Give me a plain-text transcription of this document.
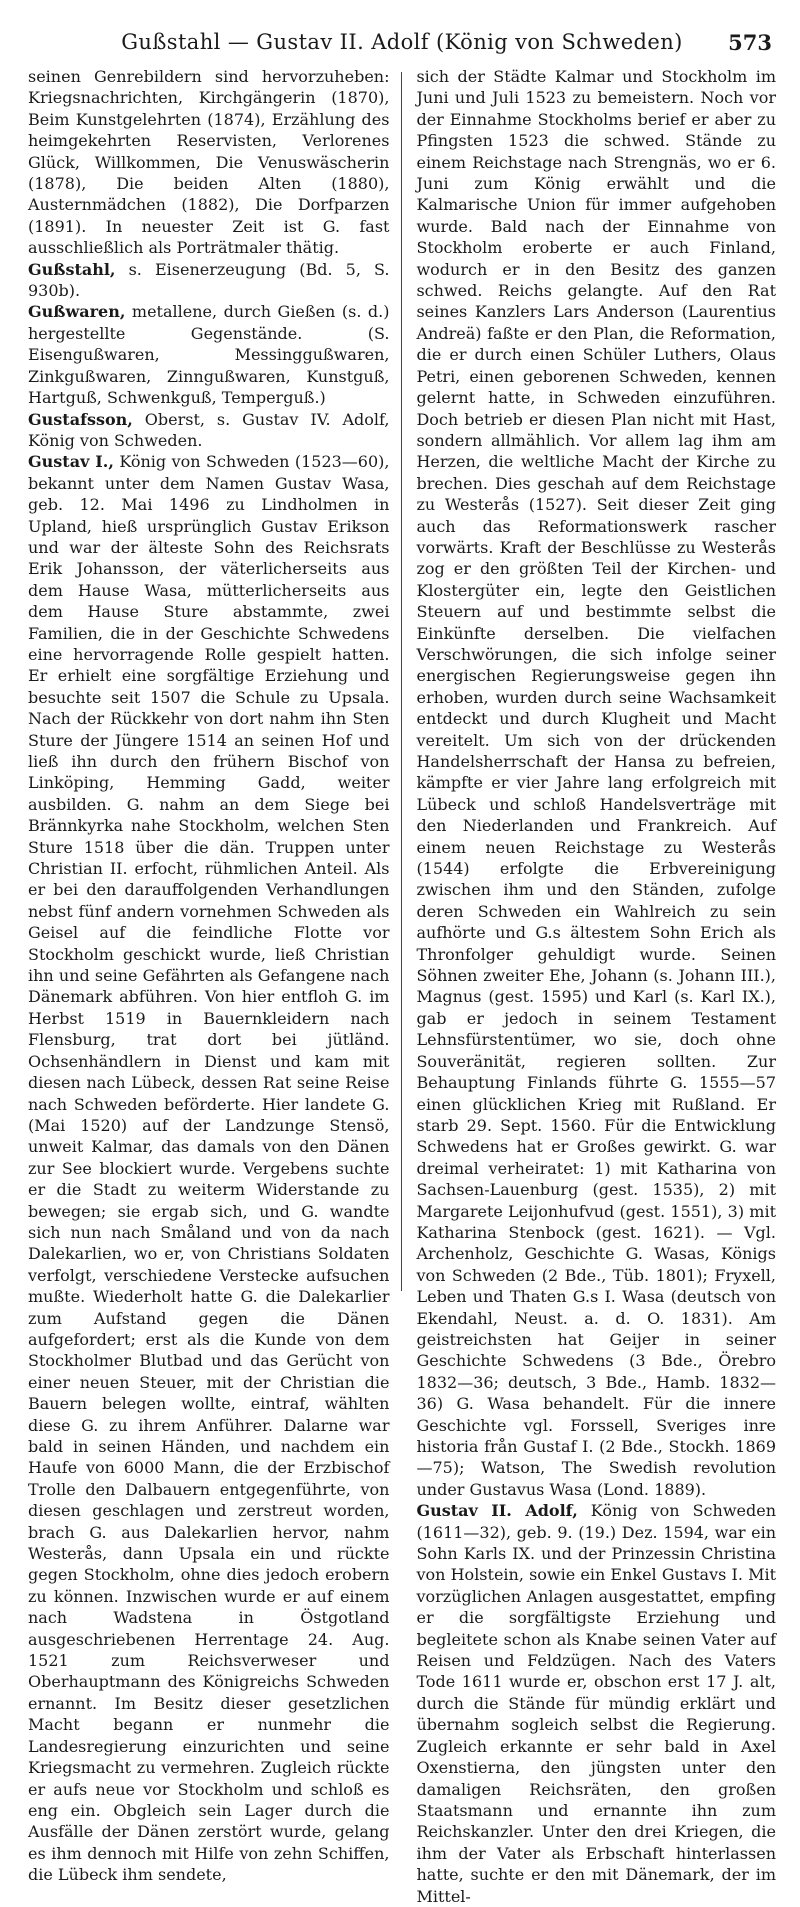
Gußstahl — Gustav II. Adolf (König von Schweden)	573

seinen Genrebildern sind hervorzuheben: Kriegsnachrichten, Kirchgängerin (1870), Beim Kunstgelehrten (1874), Erzählung des heimgekehrten Reservisten, Verlorenes Glück, Willkommen, Die Venuswäscherin (1878), Die beiden Alten (1880), Austernmädchen (1882), Die Dorfparzen (1891). In neuester Zeit ist G. fast ausschließlich als Porträtmaler thätig.

Gußstahl, s. Eisenerzeugung (Bd. 5, S. 930b).

Gußwaren, metallene, durch Gießen (s. d.) hergestellte Gegenstände. (S. Eisengußwaren, Messinggußwaren, Zinkgußwaren, Zinngußwaren, Kunstguß, Hartguß, Schwenkguß, Temperguß.)

Gustafsson, Oberst, s. Gustav IV. Adolf, König von Schweden.

Gustav I., König von Schweden (1523—60), bekannt unter dem Namen Gustav Wasa, geb. 12. Mai 1496 zu Lindholmen in Upland, hieß ursprünglich Gustav Erikson und war der älteste Sohn des Reichsrats Erik Johansson, der väterlicherseits aus dem Hause Wasa, mütterlicherseits aus dem Hause Sture abstammte, zwei Familien, die in der Geschichte Schwedens eine hervorragende Rolle gespielt hatten. Er erhielt eine sorgfältige Erziehung und besuchte seit 1507 die Schule zu Upsala. Nach der Rückkehr von dort nahm ihn Sten Sture der Jüngere 1514 an seinen Hof und ließ ihn durch den frühern Bischof von Linköping, Hemming Gadd, weiter ausbilden. G. nahm an dem Siege bei Brännkyrka nahe Stockholm, welchen Sten Sture 1518 über die dän. Truppen unter Christian II. erfocht, rühmlichen Anteil. Als er bei den darauffolgenden Verhandlungen nebst fünf andern vornehmen Schweden als Geisel auf die feindliche Flotte vor Stockholm geschickt wurde, ließ Christian ihn und seine Gefährten als Gefangene nach Dänemark abführen. Von hier entfloh G. im Herbst 1519 in Bauernkleidern nach Flensburg, trat dort bei jütländ. Ochsenhändlern in Dienst und kam mit diesen nach Lübeck, dessen Rat seine Reise nach Schweden beförderte. Hier landete G. (Mai 1520) auf der Landzunge Stensö, unweit Kalmar, das damals von den Dänen zur See blockiert wurde. Vergebens suchte er die Stadt zu weiterm Widerstande zu bewegen; sie ergab sich, und G. wandte sich nun nach Småland und von da nach Dalekarlien, wo er, von Christians Soldaten verfolgt, verschiedene Verstecke aufsuchen mußte. Wiederholt hatte G. die Dalekarlier zum Aufstand gegen die Dänen aufgefordert; erst als die Kunde von dem Stockholmer Blutbad und das Gerücht von einer neuen Steuer, mit der Christian die Bauern belegen wollte, eintraf, wählten diese G. zu ihrem Anführer. Dalarne war bald in seinen Händen, und nachdem ein Haufe von 6000 Mann, die der Erzbischof Trolle den Dalbauern entgegenführte, von diesen geschlagen und zerstreut worden, brach G. aus Dalekarlien hervor, nahm Westerås, dann Upsala ein und rückte gegen Stockholm, ohne dies jedoch erobern zu können. Inzwischen wurde er auf einem nach Wadstena in Östgotland ausgeschriebenen Herrentage 24. Aug. 1521 zum Reichsverweser und Oberhauptmann des Königreichs Schweden ernannt. Im Besitz dieser gesetzlichen Macht begann er nunmehr die Landesregierung einzurichten und seine Kriegsmacht zu vermehren. Zugleich rückte er aufs neue vor Stockholm und schloß es eng ein. Obgleich sein Lager durch die Ausfälle der Dänen zerstört wurde, gelang es ihm dennoch mit Hilfe von zehn Schiffen, die Lübeck ihm sendete,

sich der Städte Kalmar und Stockholm im Juni und Juli 1523 zu bemeistern. Noch vor der Einnahme Stockholms berief er aber zu Pfingsten 1523 die schwed. Stände zu einem Reichstage nach Strengnäs, wo er 6. Juni zum König erwählt und die Kalmarische Union für immer aufgehoben wurde. Bald nach der Einnahme von Stockholm eroberte er auch Finland, wodurch er in den Besitz des ganzen schwed. Reichs gelangte. Auf den Rat seines Kanzlers Lars Anderson (Laurentius Andreä) faßte er den Plan, die Reformation, die er durch einen Schüler Luthers, Olaus Petri, einen geborenen Schweden, kennen gelernt hatte, in Schweden einzuführen. Doch betrieb er diesen Plan nicht mit Hast, sondern allmählich. Vor allem lag ihm am Herzen, die weltliche Macht der Kirche zu brechen. Dies geschah auf dem Reichstage zu Westerås (1527). Seit dieser Zeit ging auch das Reformationswerk rascher vorwärts. Kraft der Beschlüsse zu Westerås zog er den größten Teil der Kirchen- und Klostergüter ein, legte den Geistlichen Steuern auf und bestimmte selbst die Einkünfte derselben. Die vielfachen Verschwörungen, die sich infolge seiner energischen Regierungsweise gegen ihn erhoben, wurden durch seine Wachsamkeit entdeckt und durch Klugheit und Macht vereitelt. Um sich von der drückenden Handelsherrschaft der Hansa zu befreien, kämpfte er vier Jahre lang erfolgreich mit Lübeck und schloß Handelsverträge mit den Niederlanden und Frankreich. Auf einem neuen Reichstage zu Westerås (1544) erfolgte die Erbvereinigung zwischen ihm und den Ständen, zufolge deren Schweden ein Wahlreich zu sein aufhörte und G.s ältestem Sohn Erich als Thronfolger gehuldigt wurde. Seinen Söhnen zweiter Ehe, Johann (s. Johann III.), Magnus (gest. 1595) und Karl (s. Karl IX.), gab er jedoch in seinem Testament Lehnsfürstentümer, wo sie, doch ohne Souveränität, regieren sollten. Zur Behauptung Finlands führte G. 1555—57 einen glücklichen Krieg mit Rußland. Er starb 29. Sept. 1560. Für die Entwicklung Schwedens hat er Großes gewirkt. G. war dreimal verheiratet: 1) mit Katharina von Sachsen-Lauenburg (gest. 1535), 2) mit Margarete Leijonhufvud (gest. 1551), 3) mit Katharina Stenbock (gest. 1621). — Vgl. Archenholz, Geschichte G. Wasas, Königs von Schweden (2 Bde., Tüb. 1801); Fryxell, Leben und Thaten G.s I. Wasa (deutsch von Ekendahl, Neust. a. d. O. 1831). Am geistreichsten hat Geijer in seiner Geschichte Schwedens (3 Bde., Örebro 1832—36; deutsch, 3 Bde., Hamb. 1832—36) G. Wasa behandelt. Für die innere Geschichte vgl. Forssell, Sveriges inre historia från Gustaf I. (2 Bde., Stockh. 1869—75); Watson, The Swedish revolution under Gustavus Wasa (Lond. 1889).

Gustav II. Adolf, König von Schweden (1611—32), geb. 9. (19.) Dez. 1594, war ein Sohn Karls IX. und der Prinzessin Christina von Holstein, sowie ein Enkel Gustavs I. Mit vorzüglichen Anlagen ausgestattet, empfing er die sorgfältigste Erziehung und begleitete schon als Knabe seinen Vater auf Reisen und Feldzügen. Nach des Vaters Tode 1611 wurde er, obschon erst 17 J. alt, durch die Stände für mündig erklärt und übernahm sogleich selbst die Regierung. Zugleich erkannte er sehr bald in Axel Oxenstierna, den jüngsten unter den damaligen Reichsräten, den großen Staatsmann und ernannte ihn zum Reichskanzler. Unter den drei Kriegen, die ihm der Vater als Erbschaft hinterlassen hatte, suchte er den mit Dänemark, der im Mittel-
